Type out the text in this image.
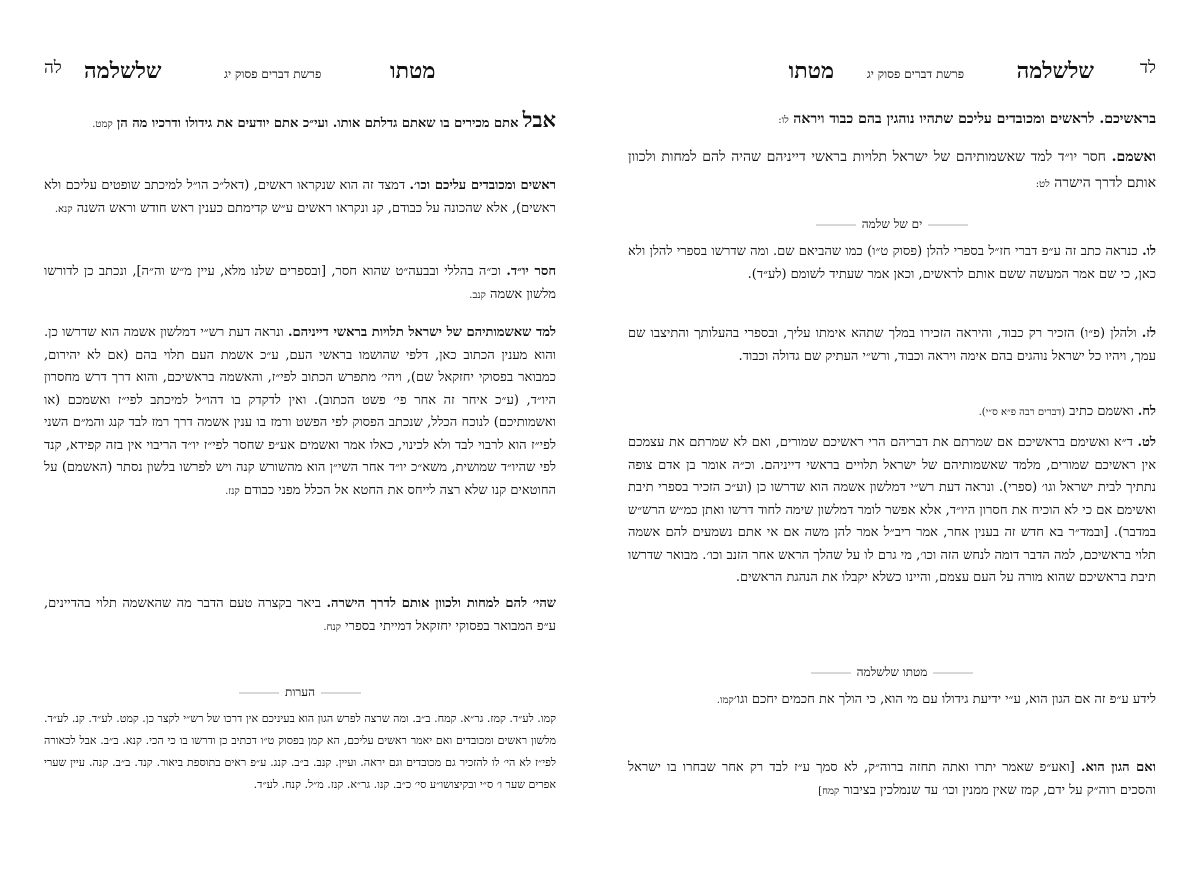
לד
שלשלמה
פרשת דברים פסוק יג
מטתו

בראשיכם. לראשים ומכובדים עליכם שתהיו נוהגין בהם כבוד ויראה לו:

ואשמם. חסר יו״ד למד שאשמותיהם של ישראל תלויות בראשי דייניהם שהיה להם למחות ולכוון אותם לדרך הישרה לט:

ים של שלמה

לו. כנראה כתב זה ע״פ דברי חז״ל בספרי להלן (פסוק ט״ו) כמו שהביאם שם. ומה שדרשו בספרי להלן ולא כאן, כי שם אמר המעשה ששם אותם לראשים, וכאן אמר שעתיד לשומם (לע״ד).

לז. ולהלן (פ״ו) הזכיר רק כבוד, והיראה הזכירו במלך שתהא אימתו עליך, ובספרי בהעלותך והתיצבו שם עמך, ויהיו כל ישראל נוהגים בהם אימה ויראה וכבוד, ורש״י העתיק שם גדולה וכבוד.

לח. ואשמם כתיב (דברים רבה פ״א ס״י).

לט. ד״א ואשימם בראשיכם אם שמרתם את דבריהם הרי ראשיכם שמורים, ואם לא שמרתם את עצמכם אין ראשיכם שמורים, מלמד שאשמותיהם של ישראל תלויים בראשי דייניהם. וכ״ה אומר בן אדם צופה נתתיך לבית ישראל וגו׳ (ספרי). ונראה דעת רש״י דמלשון אשמה הוא שדרשו כן (וע״כ הזכיר בספרי תיבת ואשימם אם כי לא הוכיח את חסרון היו״ד, אלא אפשר לומר דמלשון שימה לחוד דרשו ואתן כמ״ש הרש״ש במדבר). [ובמד״ר בא חדש זה בענין אחר, אמר ריב״ל אמר להן משה אם אי אתם נשמעים להם אשמה תלוי בראשיכם, למה הדבר דומה לנחש הזה וכו׳, מי גרם לו על שהלך הראש אחר הזנב וכו׳. מבואר שדרשו תיבת בראשיכם שהוא מורה על העם עצמם, והיינו כשלא יקבלו את הנהגת הראשים.

מטתו שלשלמה

לידע ע״פ זה אם הגון הוא, ע״י ידיעת גידולו עם מי הוא, כי הולך את חכמים יחכם וגו׳קמו.

ואם הגון הוא. [ואע״פ שאמר יתרו ואתה תחזה ברוה״ק, לא סמך ע״ז לבד רק אחר שבחרו בו ישראל והסכים רוה״ק על ידם, קמז שאין ממנין וכו׳ עד שנמלכין בציבור קמח]

לה שלשלמה	פרשת דברים פסוק יג	מטתו

אבל אתם מכירים בו שאתם גדלתם אותו. ועי״כ אתם יודעים את גידולו ודרכיו מה הן קמט.

ראשים ומכובדים עליכם וכו׳. דמצד זה הוא שנקראו ראשים, (דאל״כ הו״ל למיכתב שופטים עליכם ולא ראשים), אלא שהכונה על כבודם, קנ ונקראו ראשים ע״ש קדימתם כענין ראש חודש וראש השנה קנא.

חסר יו״ד. וכ״ה בהללי ובבעה״ט שהוא חסר, [ובספרים שלנו מלא, עיין מ״ש וה״ה], ונכתב כן לדורשו מלשון אשמה קנב.

למד שאשמותיהם של ישראל תלויות בראשי דייניהם. ונראה דעת רש״י דמלשון אשמה הוא שדרשו כן. והוא מענין הכתוב כאן, דלפי שהושמו בראשי העם, ע״כ אשמת העם תלוי בהם (אם לא יהירום, כמבואר בפסוקי יחזקאל שם), ויהי׳ מתפרש הכתוב לפי״ז, והאשמה בראשיכם, והוא דרך דרש מחסרון היו״ד, (ע״כ איחר זה אחר פי׳ פשט הכתוב). ואין לדקדק בו דהו״ל למיכתב לפי״ז ואשמכם (או ואשמותיכם) לנוכח הכלל, שנכתב הפסוק לפי הפשט ורמז בו ענין אשמה דרך רמז לבד קנג והמ״ם השני לפי״ז הוא לרבוי לבד ולא לכינוי, כאלו אמר ואשמים אע״פ שחסר לפי״ז יו״ד הריבוי אין בזה קפידא, קנד לפי שהיו״ד שמושית, משא״כ יו״ד אחר השי״ן הוא מהשורש קנה ויש לפרשו בלשון נסתר (האשמם) על החוטאים קנו שלא רצה לייחס את החטא אל הכלל מפני כבודם קנז.

שהי׳ להם למחות ולכוון אותם לדרך הישרה. ביאר בקצרה טעם הדבר מה שהאשמה תלוי בהדיינים, ע״פ המבואר בפסוקי יחזקאל דמייתי בספרי קנח.

הערות

קמו. לע״ד. קמז. גר״א. קמח. ב״ב. ומה שרצה לפרש הגון הוא בעיניכם אין דרכו של רש״י לקצר כן. קמט. לע״ד. קנ. לע״ד. מלשון ראשים ומכובדים ואם יאמר ראשים עליכם, הא קמן בפסוק ט״ו דכתיב כן ודרשו בו כי הכי. קנא. ב״ב. אבל לכאורה לפי״ז לא הי׳ לו להזכיר גם מכובדים וגם יראה. ועיין. קנב. ב״ב. קנג. ע״פ ראים בתוספת ביאור. קנד. ב״ב. קנה. עיין שערי אפרים שער ו׳ ס״י ובקיצושו״ע סי׳ כ״ב. קנו. גר״א. קנז. מ״ל. קנח. לע״ד.
